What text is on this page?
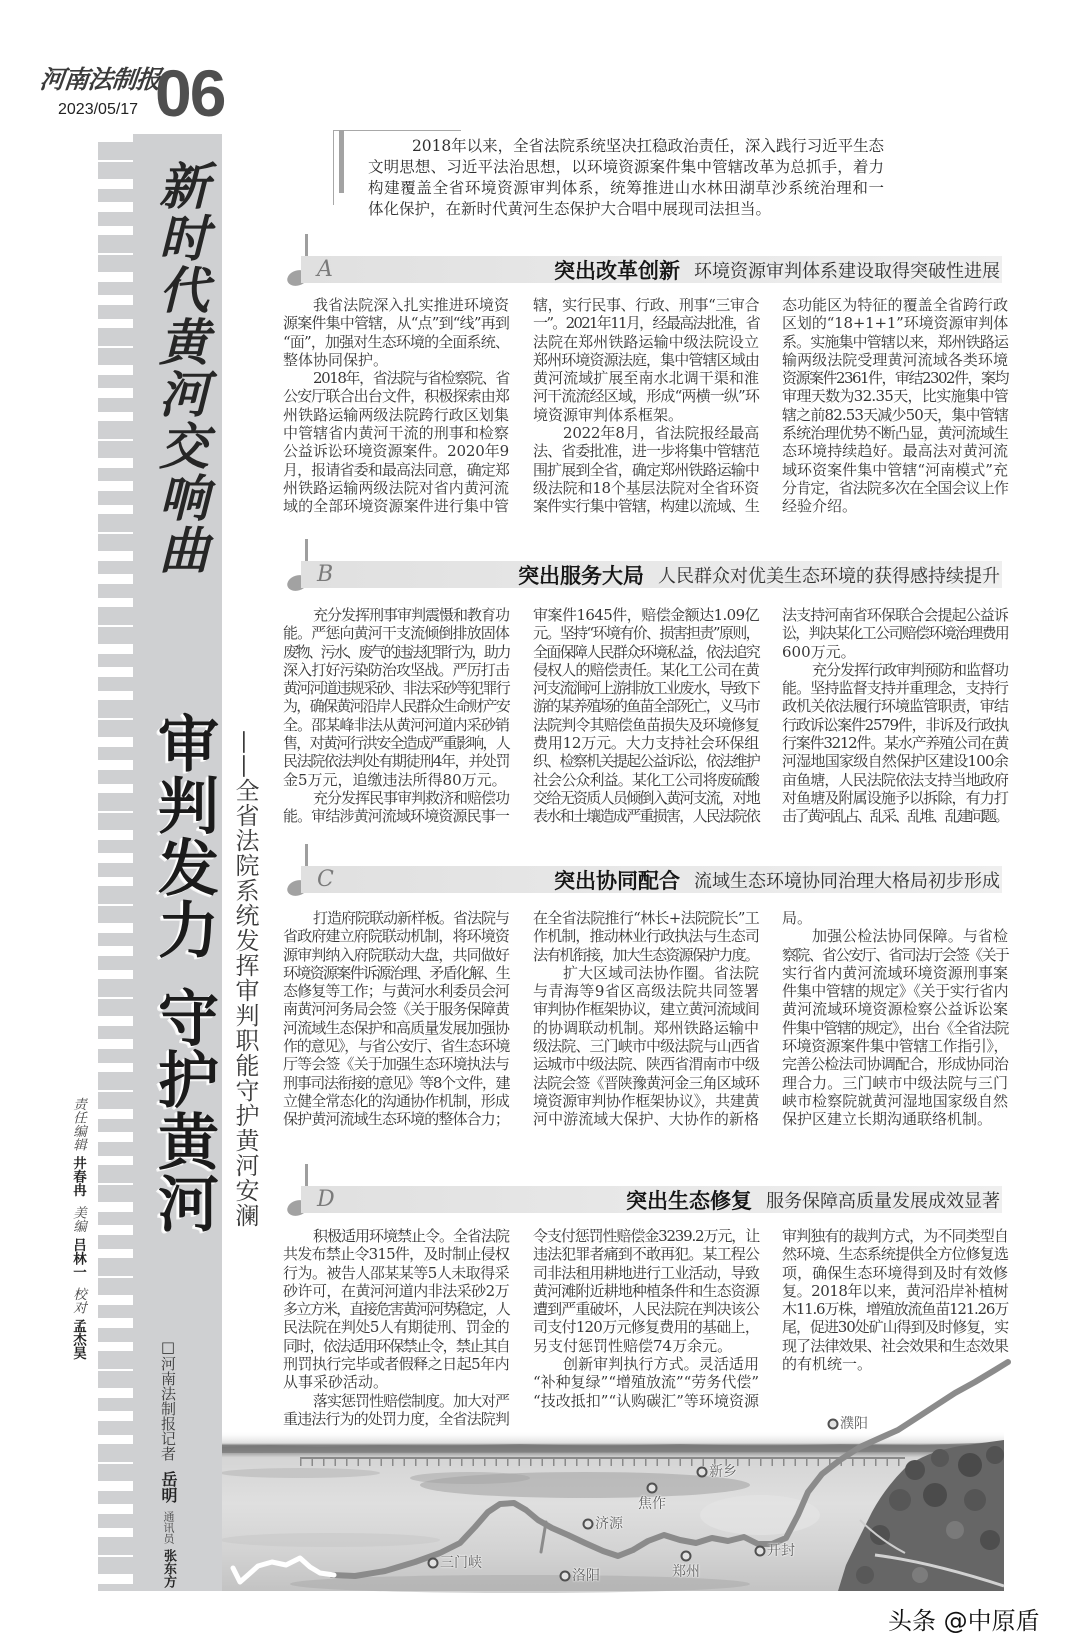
河南法制报
2023/05/17 06
新时代黄河交响曲
审判发力
守护黄河
——全省法院系统发挥审判职能守护黄河安澜
责任编辑井春冉美编吕林一校对孟杰昊	□河南法制报记者岳明通讯员张东方
2018年以来，全省法院系统坚决扛稳政治责任，深入践行习近平生态
文明思想、习近平法治思想，以环境资源案件集中管辖改革为总抓手，着力
构建覆盖全省环境资源审判体系，统筹推进山水林田湖草沙系统治理和一
体化保护，在新时代黄河生态保护大合唱中展现司法担当。
A	突出改革创新 环境资源审判体系建设取得突破性进展
B	突出服务大局 人民群众对优美生态环境的获得感持续提升
C	突出协同配合 流域生态环境协同治理大格局初步形成
D	突出生态修复 服务保障高质量发展成效显著
我省法院深入扎实推进环境资
源案件集中管辖，从“点”到“线”再到
“面”，加强对生态环境的全面系统、
整体协同保护。
2018年，省法院与省检察院、省
公安厅联合出台文件，积极探索由郑
州铁路运输两级法院跨行政区划集
中管辖省内黄河干流的刑事和检察
公益诉讼环境资源案件。2020年9
月，报请省委和最高法同意，确定郑
州铁路运输两级法院对省内黄河流
域的全部环境资源案件进行集中管
辖，实行民事、行政、刑事“三审合
一”。2021年11月，经最高法批准，省
法院在郑州铁路运输中级法院设立
郑州环境资源法庭，集中管辖区域由
黄河流域扩展至南水北调干渠和淮
河干流流经区域，形成“两横一纵”环
境资源审判体系框架。
2022年8月，省法院报经最高
法、省委批准，进一步将集中管辖范
围扩展到全省，确定郑州铁路运输中
级法院和18个基层法院对全省环资
案件实行集中管辖，构建以流域、生
态功能区为特征的覆盖全省跨行政
区划的“18+1+1”环境资源审判体
系。实施集中管辖以来，郑州铁路运
输两级法院受理黄河流域各类环境
资源案件2361件，审结2302件，案均
审理天数为32.35天，比实施集中管
辖之前82.53天减少50天，集中管辖
系统治理优势不断凸显，黄河流域生
态环境持续趋好。最高法对黄河流
域环资案件集中管辖“河南模式”充
分肯定，省法院多次在全国会议上作
经验介绍。
充分发挥刑事审判震慑和教育功
能。严惩向黄河干支流倾倒排放固体
废物、污水、废气的违法犯罪行为，助力
深入打好污染防治攻坚战。严厉打击
黄河河道违规采砂、非法采砂等犯罪行
为，确保黄河沿岸人民群众生命财产安
全。邵某峰非法从黄河河道内采砂销
售，对黄河行洪安全造成严重影响，人
民法院依法判处有期徒刑4年，并处罚
金5万元，追缴违法所得80万元。
充分发挥民事审判救济和赔偿功
能。审结涉黄河流域环境资源民事一
审案件1645件，赔偿金额达1.09亿
元。坚持“环境有价、损害担责”原则，
全面保障人民群众环境私益，依法追究
侵权人的赔偿责任。某化工公司在黄
河支流涧河上游排放工业废水，导致下
游的某养殖场的鱼苗全部死亡，义马市
法院判令其赔偿鱼苗损失及环境修复
费用12万元。大力支持社会环保组
织、检察机关提起公益诉讼，依法维护
社会公众利益。某化工公司将废硫酸
交给无资质人员倾倒入黄河支流，对地
表水和土壤造成严重损害，人民法院依
法支持河南省环保联合会提起公益诉
讼，判决某化工公司赔偿环境治理费用
600万元。
充分发挥行政审判预防和监督功
能。坚持监督支持并重理念，支持行
政机关依法履行环境监管职责，审结
行政诉讼案件2579件，非诉及行政执
行案件3212件。某水产养殖公司在黄
河湿地国家级自然保护区建设100余
亩鱼塘，人民法院依法支持当地政府
对鱼塘及附属设施予以拆除，有力打
击了黄河乱占、乱采、乱堆、乱建问题。
打造府院联动新样板。省法院与
省政府建立府院联动机制，将环境资
源审判纳入府院联动大盘，共同做好
环境资源案件诉源治理、矛盾化解、生
态修复等工作；与黄河水利委员会河
南黄河河务局会签《关于服务保障黄
河流域生态保护和高质量发展加强协
作的意见》，与省公安厅、省生态环境
厅等会签《关于加强生态环境执法与
刑事司法衔接的意见》等8个文件，建
立健全常态化的沟通协作机制，形成
保护黄河流域生态环境的整体合力；
在全省法院推行“林长+法院院长”工
作机制，推动林业行政执法与生态司
法有机衔接，加大生态资源保护力度。
扩大区域司法协作圈。省法院
与青海等9省区高级法院共同签署
审判协作框架协议，建立黄河流域间
的协调联动机制。郑州铁路运输中
级法院、三门峡市中级法院与山西省
运城市中级法院、陕西省渭南市中级
法院会签《晋陕豫黄河金三角区域环
境资源审判协作框架协议》，共建黄
河中游流域大保护、大协作的新格
局。
加强公检法协同保障。与省检
察院、省公安厅、省司法厅会签《关于
实行省内黄河流域环境资源刑事案
件集中管辖的规定》《关于实行省内
黄河流域环境资源检察公益诉讼案
件集中管辖的规定》，出台《全省法院
环境资源案件集中管辖工作指引》，
完善公检法司协调配合，形成协同治
理合力。三门峡市中级法院与三门
峡市检察院就黄河湿地国家级自然
保护区建立长期沟通联络机制。
积极适用环境禁止令。全省法院
共发布禁止令315件，及时制止侵权
行为。被告人邵某某等5人未取得采
砂许可，在黄河河道内非法采砂2万
多立方米，直接危害黄河河势稳定，人
民法院在判处5人有期徒刑、罚金的
同时，依法适用环保禁止令，禁止其自
刑罚执行完毕或者假释之日起5年内
从事采砂活动。
落实惩罚性赔偿制度。加大对严
重违法行为的处罚力度，全省法院判
令支付惩罚性赔偿金3239.2万元，让
违法犯罪者痛到不敢再犯。某工程公
司非法租用耕地进行工业活动，导致
黄河滩附近耕地种植条件和生态资源
遭到严重破坏，人民法院在判决该公
司支付120万元修复费用的基础上，
另支付惩罚性赔偿74万余元。
创新审判执行方式。灵活适用
“补种复绿”“增殖放流”“劳务代偿”
“技改抵扣”“认购碳汇”等环境资源
审判独有的裁判方式，为不同类型自
然环境、生态系统提供全方位修复选
项，确保生态环境得到及时有效修
复。2018年以来，黄河沿岸补植树
木11.6万株，增殖放流鱼苗121.26万
尾，促进30处矿山得到及时修复，实
现了法律效果、社会效果和生态效果
的有机统一。
濮阳
新乡
焦作
济源
三门峡
洛阳	郑州
开封
头条 @中原盾
